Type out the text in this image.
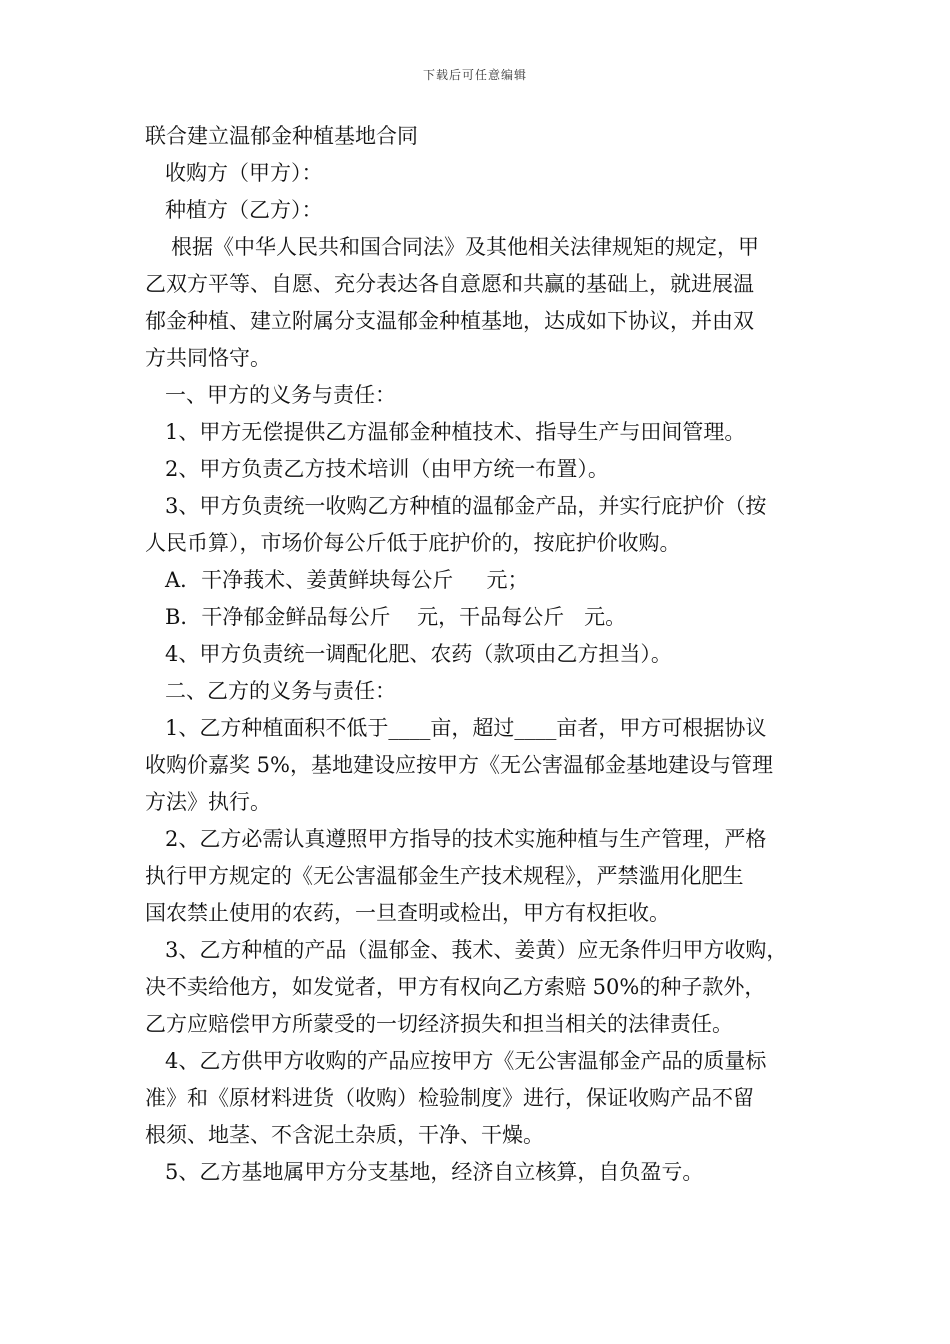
下载后可任意编辑
联合建立温郁金种植基地合同
收购方（甲方）：
种植方（乙方）：
根据《中华人民共和国合同法》及其他相关法律规矩的规定，甲
乙双方平等、自愿、充分表达各自意愿和共赢的基础上，就进展温
郁金种植、建立附属分支温郁金种植基地，达成如下协议，并由双
方共同恪守。
一、甲方的义务与责任：
1、甲方无偿提供乙方温郁金种植技术、指导生产与田间管理。
2、甲方负责乙方技术培训（由甲方统一布置）。
3、甲方负责统一收购乙方种植的温郁金产品，并实行庇护价（按
人民币算），市场价每公斤低于庇护价的，按庇护价收购。
A．干净莪术、姜黄鲜块每公斤     元；
B．干净郁金鲜品每公斤    元，干品每公斤   元。
4、甲方负责统一调配化肥、农药（款项由乙方担当）。
二、乙方的义务与责任：
1、乙方种植面积不低于____亩，超过____亩者，甲方可根据协议
收购价嘉奖 5%，基地建设应按甲方《无公害温郁金基地建设与管理
方法》执行。
2、乙方必需认真遵照甲方指导的技术实施种植与生产管理，严格
执行甲方规定的《无公害温郁金生产技术规程》，严禁滥用化肥生
国农禁止使用的农药，一旦查明或检出，甲方有权拒收。
3、乙方种植的产品（温郁金、莪术、姜黄）应无条件归甲方收购，
决不卖给他方，如发觉者，甲方有权向乙方索赔 50%的种子款外，
乙方应赔偿甲方所蒙受的一切经济损失和担当相关的法律责任。
4、乙方供甲方收购的产品应按甲方《无公害温郁金产品的质量标
准》和《原材料进货（收购）检验制度》进行，保证收购产品不留
根须、地茎、不含泥土杂质，干净、干燥。
5、乙方基地属甲方分支基地，经济自立核算，自负盈亏。
